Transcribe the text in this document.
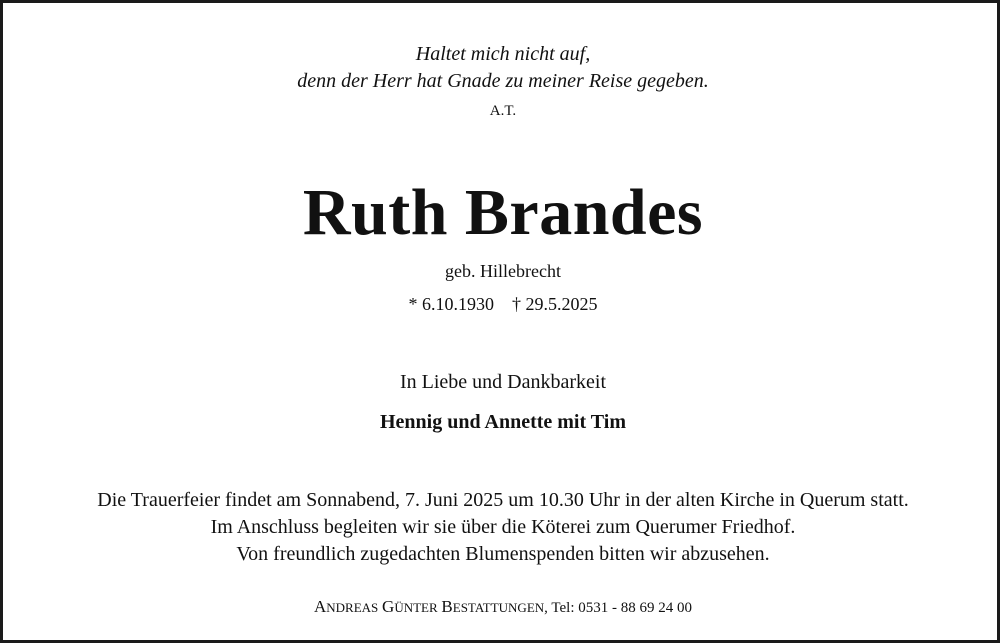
Haltet mich nicht auf,
denn der Herr hat Gnade zu meiner Reise gegeben.
A.T.
Ruth Brandes
geb. Hillebrecht
* 6.10.1930 † 29.5.2025
In Liebe und Dankbarkeit
Hennig und Annette mit Tim
Die Trauerfeier findet am Sonnabend, 7. Juni 2025 um 10.30 Uhr in der alten Kirche in Querum statt.
Im Anschluss begleiten wir sie über die Köterei zum Querumer Friedhof.
Von freundlich zugedachten Blumenspenden bitten wir abzusehen.
ANDREAS GÜNTER BESTATTUNGEN, Tel: 0531 - 88 69 24 00
